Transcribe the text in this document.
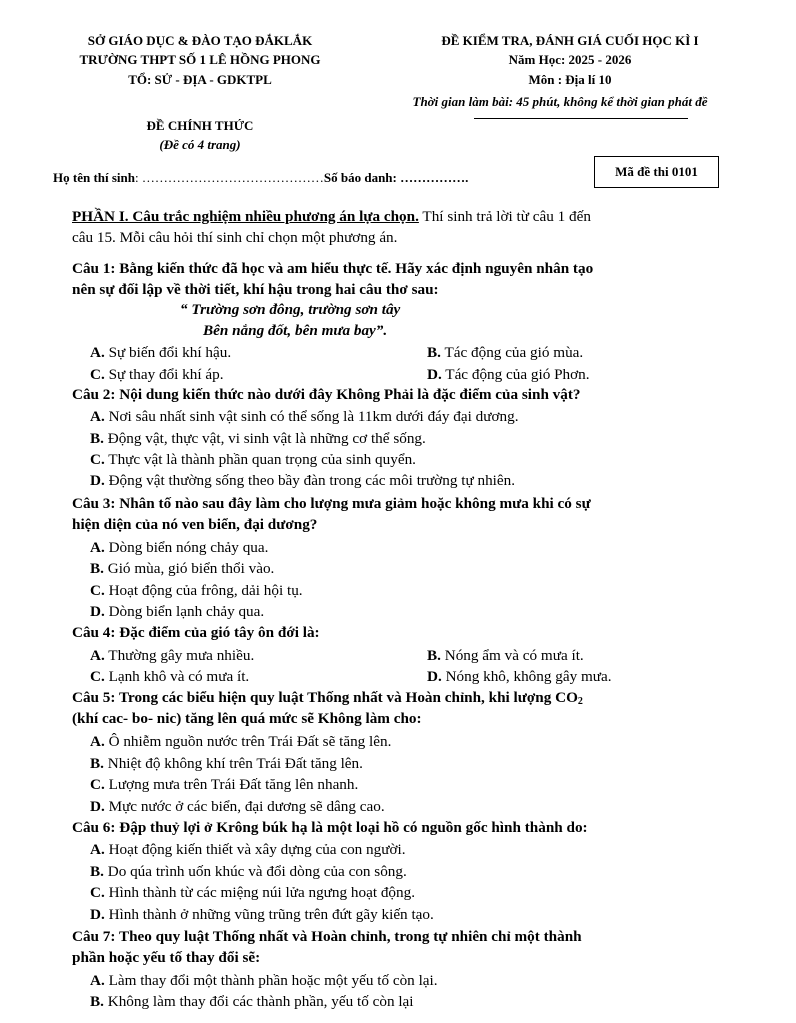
SỞ GIÁO DỤC & ĐÀO TẠO ĐẮKLẮK
TRƯỜNG THPT SỐ 1 LÊ HỒNG PHONG
TỔ: SỬ - ĐỊA - GDKTPL
ĐỀ KIỂM TRA, ĐÁNH GIÁ CUỐI HỌC KÌ I
Năm Học: 2025 - 2026
Môn : Địa lí 10
Thời gian làm bài: 45 phút, không kể thời gian phát đề
ĐỀ CHÍNH THỨC
(Đề có 4 trang)
Họ tên thí sinh: ……………………………………Số báo danh: …………….	Mã đề thi 0101
PHẦN I. Câu trắc nghiệm nhiều phương án lựa chọn. Thí sinh trả lời từ câu 1 đến
câu 15. Mỗi câu hỏi thí sinh chỉ chọn một phương án.
Câu 1: Bằng kiến thức đã học và am hiểu thực tế. Hãy xác định nguyên nhân tạo
nên sự đối lập về thời tiết, khí hậu trong hai câu thơ sau:
“ Trường sơn đông, trường sơn tây
Bên nắng đốt, bên mưa bay”.
A. Sự biến đổi khí hậu.	B. Tác động của gió mùa.
C. Sự thay đổi khí áp.	D. Tác động của gió Phơn.
Câu 2: Nội dung kiến thức nào dưới đây Không Phải là đặc điểm của sinh vật?
A. Nơi sâu nhất sinh vật sinh có thể sống là 11km dưới đáy đại dương.
B. Động vật, thực vật, vi sinh vật là những cơ thể sống.
C. Thực vật là thành phần quan trọng của sinh quyển.
D. Động vật thường sống theo bầy đàn trong các môi trường tự nhiên.
Câu 3: Nhân tố nào sau đây làm cho lượng mưa giảm hoặc không mưa khi có sự
hiện diện của nó ven biển, đại dương?
A. Dòng biển nóng chảy qua.
B. Gió mùa, gió biển thổi vào.
C. Hoạt động của frông, dải hội tụ.
D. Dòng biển lạnh chảy qua.
Câu 4: Đặc điểm của gió tây ôn đới là:
A. Thường gây mưa nhiều.	B. Nóng ẩm và có mưa ít.
C. Lạnh khô và có mưa ít.	D. Nóng khô, không gây mưa.
Câu 5: Trong các biểu hiện quy luật Thống nhất và Hoàn chỉnh, khi lượng $CO_2$
(khí cac- bo- nic) tăng lên quá mức sẽ Không làm cho:
A. Ô nhiễm nguồn nước trên Trái Đất sẽ tăng lên.
B. Nhiệt độ không khí trên Trái Đất tăng lên.
C. Lượng mưa trên Trái Đất tăng lên nhanh.
D. Mực nước ở các biển, đại dương sẽ dâng cao.
Câu 6: Đập thuỷ lợi ở Krông búk hạ là một loại hồ có nguồn gốc hình thành do:
A. Hoạt động kiến thiết và xây dựng của con người.
B. Do qúa trình uốn khúc và đổi dòng của con sông.
C. Hình thành từ các miệng núi lửa ngưng hoạt động.
D. Hình thành ở những vũng trũng trên đứt gãy kiến tạo.
Câu 7: Theo quy luật Thống nhất và Hoàn chỉnh, trong tự nhiên chỉ một thành
phần hoặc yếu tố thay đổi sẽ:
A. Làm thay đổi một thành phần hoặc một yếu tố còn lại.
B. Không làm thay đổi các thành phần, yếu tố còn lại
